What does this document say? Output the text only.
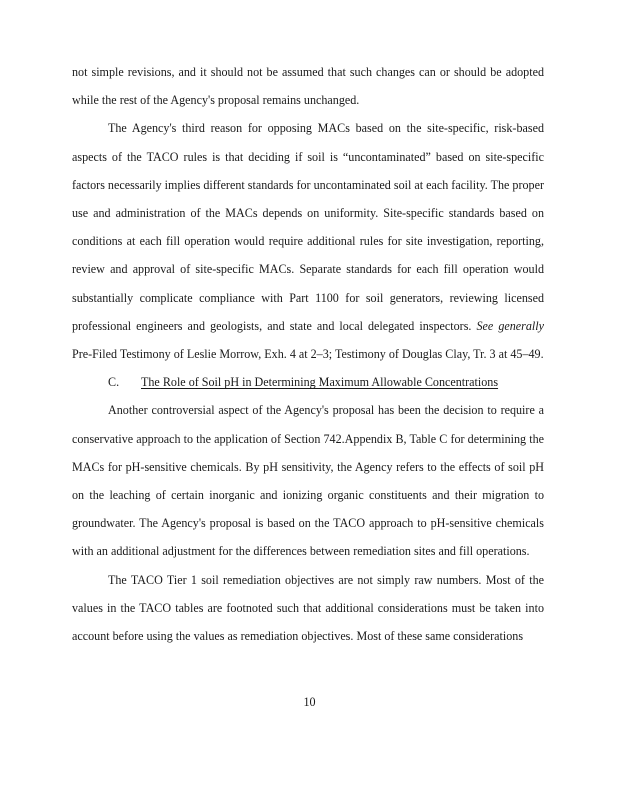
not simple revisions, and it should not be assumed that such changes can or should be adopted while the rest of the Agency's proposal remains unchanged.

The Agency's third reason for opposing MACs based on the site-specific, risk-based aspects of the TACO rules is that deciding if soil is “uncontaminated” based on site-specific factors necessarily implies different standards for uncontaminated soil at each facility. The proper use and administration of the MACs depends on uniformity. Site-specific standards based on conditions at each fill operation would require additional rules for site investigation, reporting, review and approval of site-specific MACs. Separate standards for each fill operation would substantially complicate compliance with Part 1100 for soil generators, reviewing licensed professional engineers and geologists, and state and local delegated inspectors. See generally Pre-Filed Testimony of Leslie Morrow, Exh. 4 at 2–3; Testimony of Douglas Clay, Tr. 3 at 45–49.

C. The Role of Soil pH in Determining Maximum Allowable Concentrations

Another controversial aspect of the Agency's proposal has been the decision to require a conservative approach to the application of Section 742.Appendix B, Table C for determining the MACs for pH-sensitive chemicals. By pH sensitivity, the Agency refers to the effects of soil pH on the leaching of certain inorganic and ionizing organic constituents and their migration to groundwater. The Agency's proposal is based on the TACO approach to pH-sensitive chemicals with an additional adjustment for the differences between remediation sites and fill operations.

The TACO Tier 1 soil remediation objectives are not simply raw numbers. Most of the values in the TACO tables are footnoted such that additional considerations must be taken into account before using the values as remediation objectives. Most of these same considerations

10
